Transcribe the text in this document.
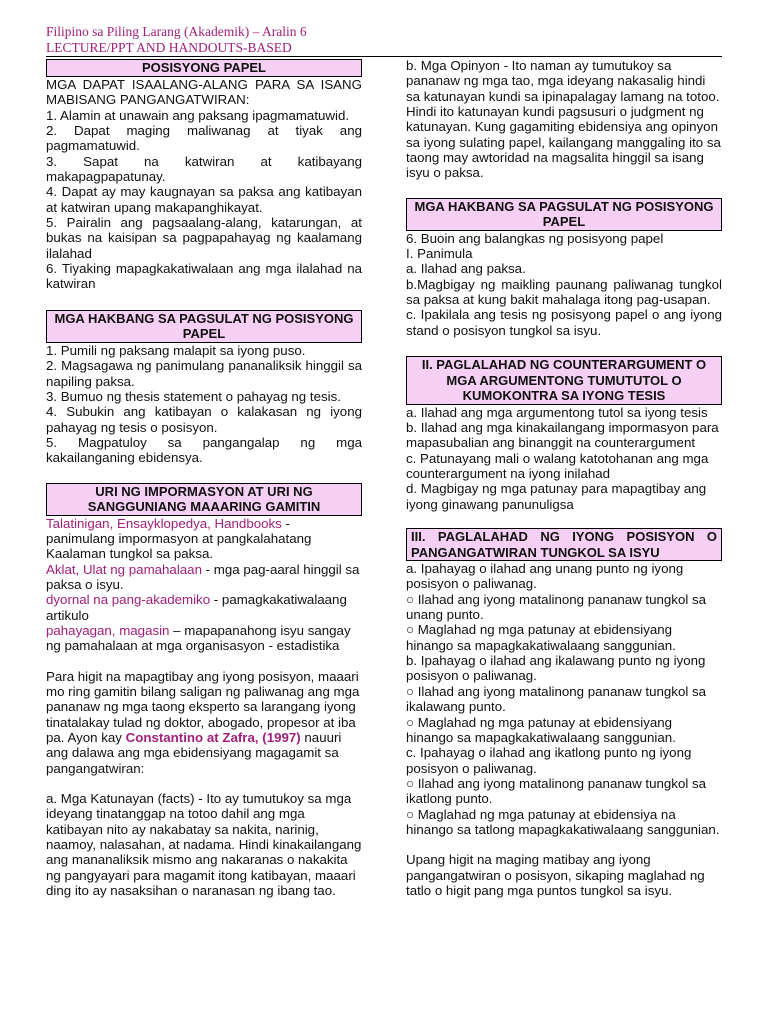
Filipino sa Piling Larang (Akademik) – Aralin 6
LECTURE/PPT AND HANDOUTS-BASED
POSISYONG PAPEL

MGA DAPAT ISAALANG-ALANG PARA SA ISANG MABISANG PANGANGATWIRAN:

1. Alamin at unawain ang paksang ipagmamatuwid.

2. Dapat maging maliwanag at tiyak ang pagmamatuwid.

3. Sapat na katwiran at katibayang makapagpapatunay.

4. Dapat ay may kaugnayan sa paksa ang katibayan at katwiran upang makapanghikayat.

5. Pairalin ang pagsaalang-alang, katarungan, at bukas na kaisipan sa pagpapahayag ng kaalamang ilalahad

6. Tiyaking mapagkakatiwalaan ang mga ilalahad na katwiran

MGA HAKBANG SA PAGSULAT NG POSISYONG PAPEL

1. Pumili ng paksang malapit sa iyong puso.

2. Magsagawa ng panimulang pananaliksik hinggil sa napiling paksa.

3. Bumuo ng thesis statement o pahayag ng tesis.

4. Subukin ang katibayan o kalakasan ng iyong pahayag ng tesis o posisyon.

5. Magpatuloy sa pangangalap ng mga kakailanganing ebidensya.

URI NG IMPORMASYON AT URI NG SANGGUNIANG MAAARING GAMITIN

Talatinigan, Ensayklopedya, Handbooks - panimulang impormasyon at pangkalahatang Kaalaman tungkol sa paksa.

Aklat, Ulat ng pamahalaan - mga pag-aaral hinggil sa paksa o isyu.

dyornal na pang-akademiko - pamagkakatiwalaang artikulo

pahayagan, magasin – mapapanahong isyu sangay ng pamahalaan at mga organisasyon - estadistika

Para higit na mapagtibay ang iyong posisyon, maaari mo ring gamitin bilang saligan ng paliwanag ang mga pananaw ng mga taong eksperto sa larangang iyong tinatalakay tulad ng doktor, abogado, propesor at iba pa. Ayon kay Constantino at Zafra, (1997) nauuri ang dalawa ang mga ebidensiyang magagamit sa pangangatwiran:

a. Mga Katunayan (facts) - Ito ay tumutukoy sa mga ideyang tinatanggap na totoo dahil ang mga katibayan nito ay nakabatay sa nakita, narinig, naamoy, nalasahan, at nadama. Hindi kinakailangang ang mananaliksik mismo ang nakaranas o nakakita ng pangyayari para magamit itong katibayan, maaari ding ito ay nasaksihan o naranasan ng ibang tao.

b. Mga Opinyon - Ito naman ay tumutukoy sa pananaw ng mga tao, mga ideyang nakasalig hindi sa katunayan kundi sa ipinapalagay lamang na totoo. Hindi ito katunayan kundi pagsusuri o judgment ng katunayan. Kung gagamiting ebidensiya ang opinyon sa iyong sulating papel, kailangang manggaling ito sa taong may awtoridad na magsalita hinggil sa isang isyu o paksa.

MGA HAKBANG SA PAGSULAT NG POSISYONG PAPEL

6. Buoin ang balangkas ng posisyong papel

I. Panimula

a. Ilahad ang paksa.

b.Magbigay ng maikling paunang paliwanag tungkol sa paksa at kung bakit mahalaga itong pag-usapan.

c. Ipakilala ang tesis ng posisyong papel o ang iyong stand o posisyon tungkol sa isyu.

II. PAGLALAHAD NG COUNTERARGUMENT O MGA ARGUMENTONG TUMUTUTOL O KUMOKONTRA SA IYONG TESIS

a. Ilahad ang mga argumentong tutol sa iyong tesis

b. Ilahad ang mga kinakailangang impormasyon para mapasubalian ang binanggit na counterargument

c. Patunayang mali o walang katotohanan ang mga counterargument na iyong inilahad

d. Magbigay ng mga patunay para mapagtibay ang iyong ginawang panunuligsa

III. PAGLALAHAD NG IYONG POSISYON O PANGANGATWIRAN TUNGKOL SA ISYU

a. Ipahayag o ilahad ang unang punto ng iyong posisyon o paliwanag.

○ Ilahad ang iyong matalinong pananaw tungkol sa unang punto.

○ Maglahad ng mga patunay at ebidensiyang hinango sa mapagkakatiwalaang sanggunian.

b. Ipahayag o ilahad ang ikalawang punto ng iyong posisyon o paliwanag.

○ Ilahad ang iyong matalinong pananaw tungkol sa ikalawang punto.

○ Maglahad ng mga patunay at ebidensiyang hinango sa mapagkakatiwalaang sanggunian.

c. Ipahayag o ilahad ang ikatlong punto ng iyong posisyon o paliwanag.

○ Ilahad ang iyong matalinong pananaw tungkol sa ikatlong punto.

○ Maglahad ng mga patunay at ebidensiya na hinango sa tatlong mapagkakatiwalaang sanggunian.

Upang higit na maging matibay ang iyong pangangatwiran o posisyon, sikaping maglahad ng tatlo o higit pang mga puntos tungkol sa isyu.
